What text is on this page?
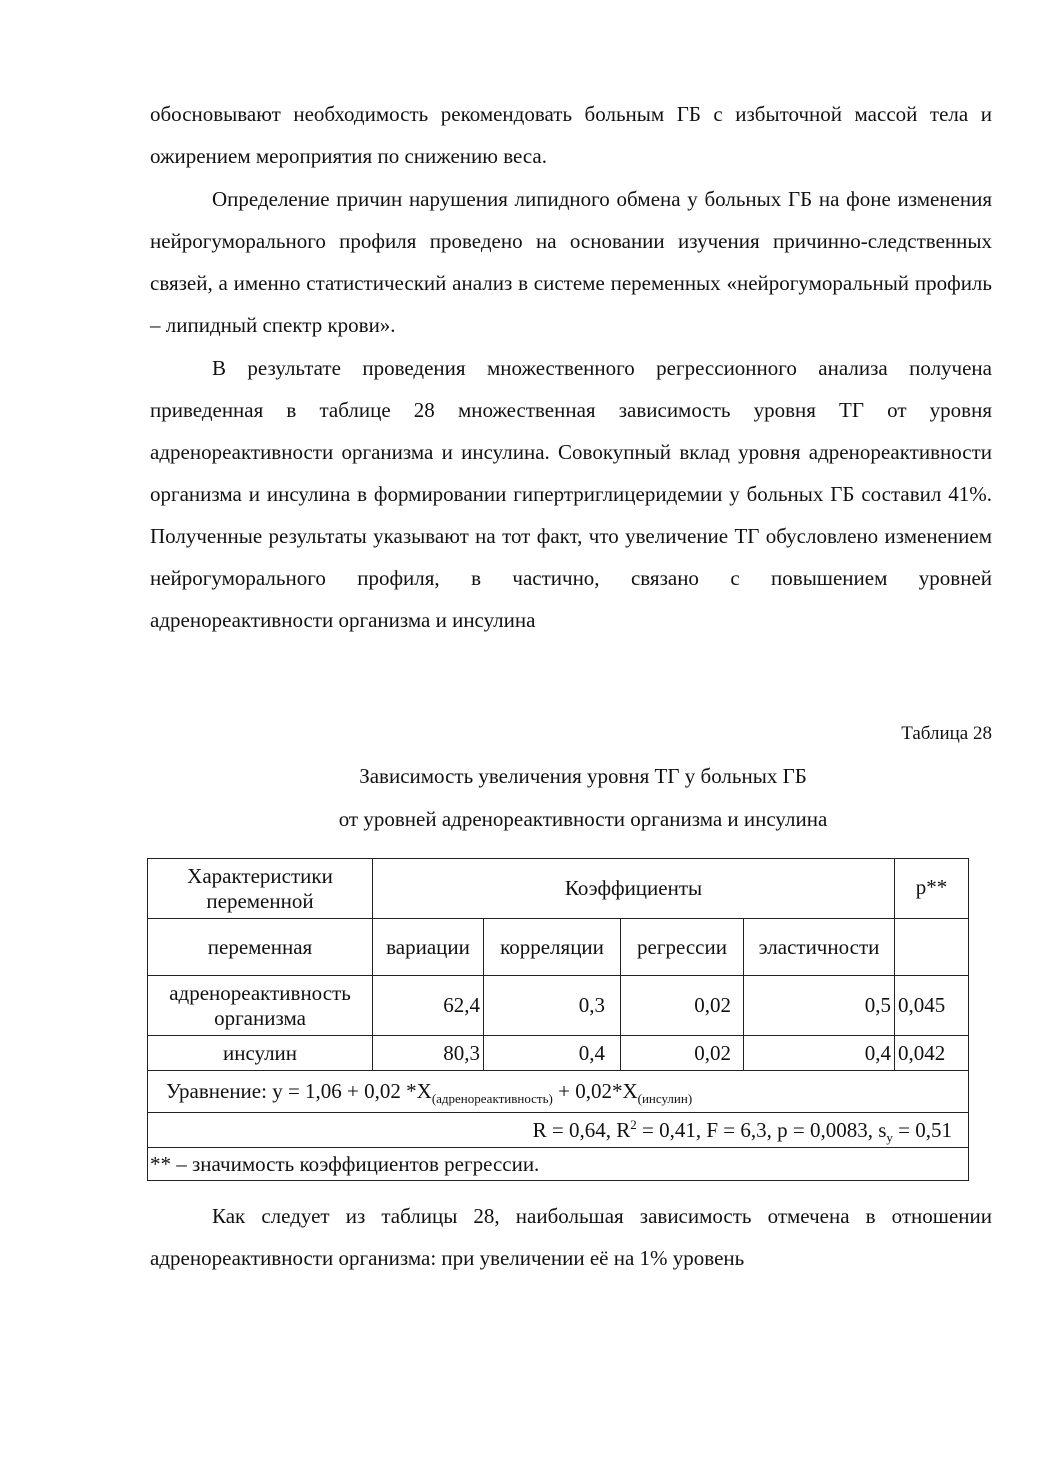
обосновывают необходимость рекомендовать больным ГБ с избыточной массой тела и ожирением мероприятия по снижению веса.

Определение причин нарушения липидного обмена у больных ГБ на фоне изменения нейрогуморального профиля проведено на основании изучения причинно-следственных связей, а именно статистический анализ в системе переменных «нейрогуморальный профиль – липидный спектр крови».

В результате проведения множественного регрессионного анализа получена приведенная в таблице 28 множественная зависимость уровня ТГ от уровня адренореактивности организма и инсулина. Совокупный вклад уровня адренореактивности организма и инсулина в формировании гипертриглицеридемии у больных ГБ составил 41%. Полученные результаты указывают на тот факт, что увеличение ТГ обусловлено изменением нейрогуморального профиля, в частично, связано с повышением уровней адренореактивности организма и инсулина

Таблица 28

Зависимость увеличения уровня ТГ у больных ГБ

от уровней адренореактивности организма и инсулина

Характеристики переменной	Коэффициенты				p**
переменная	вариации	корреляции	регрессии	эластичности	
адренореактивность организма	62,4	0,3	0,02	0,5	0,045
инсулин	80,3	0,4	0,02	0,4	0,042
Уравнение: y = 1,06 + 0,02 $*X_{(адренореактивность)} + 0,02*X_{(инсулин)}$
R = 0,64, $R^2 = 0,41$, F = 6,3, p = 0,0083, $s_y = 0,51$					
** – значимость коэффициентов регрессии.					

Как следует из таблицы 28, наибольшая зависимость отмечена в отношении адренореактивности организма: при увеличении её на 1% уровень
